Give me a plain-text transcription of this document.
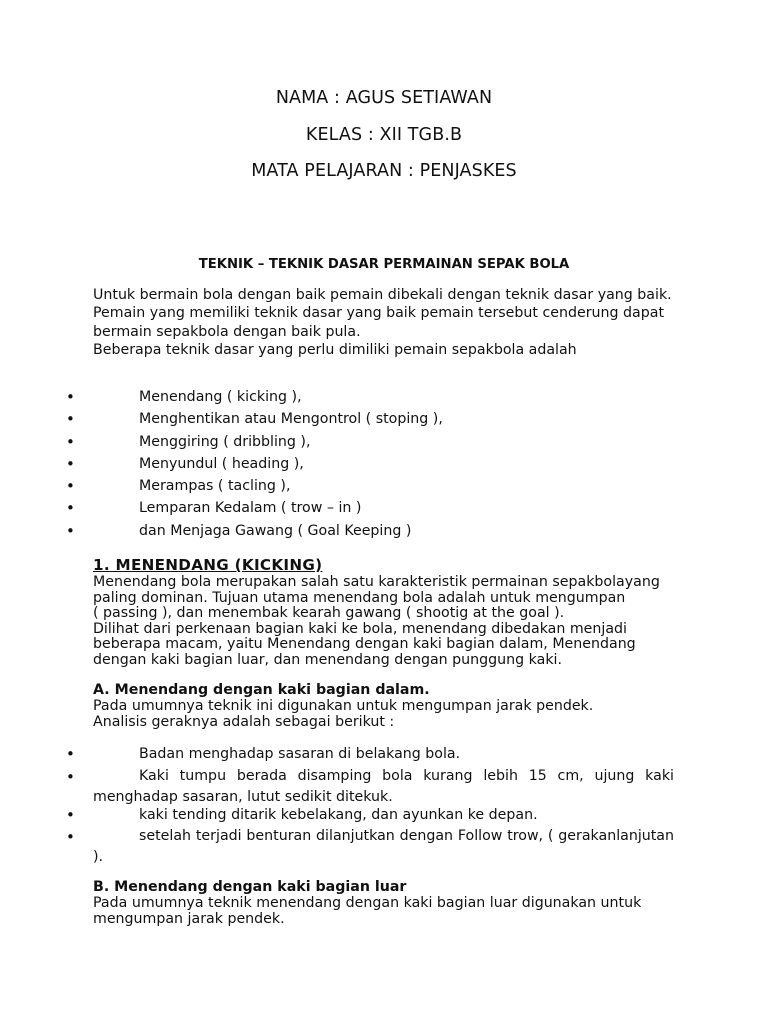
NAMA : AGUS SETIAWAN
KELAS : XII TGB.B
MATA PELAJARAN : PENJASKES
TEKNIK – TEKNIK DASAR PERMAINAN SEPAK BOLA
Untuk bermain bola dengan baik pemain dibekali dengan teknik dasar yang baik.
Pemain yang memiliki teknik dasar yang baik pemain tersebut cenderung dapat
bermain sepakbola dengan baik pula.
Beberapa teknik dasar yang perlu dimiliki pemain sepakbola adalah
•	Menendang ( kicking ),
•	Menghentikan atau Mengontrol ( stoping ),
•	Menggiring ( dribbling ),
•	Menyundul ( heading ),
•	Merampas ( tacling ),
•	Lemparan Kedalam ( trow – in )
•	dan Menjaga Gawang ( Goal Keeping )
1. MENENDANG (KICKING)
Menendang bola merupakan salah satu karakteristik permainan sepakbolayang
paling dominan. Tujuan utama menendang bola adalah untuk mengumpan
( passing ), dan menembak kearah gawang ( shootig at the goal ).
Dilihat dari perkenaan bagian kaki ke bola, menendang dibedakan menjadi
beberapa macam, yaitu Menendang dengan kaki bagian dalam, Menendang
dengan kaki bagian luar, dan menendang dengan punggung kaki.
A. Menendang dengan kaki bagian dalam.
Pada umumnya teknik ini digunakan untuk mengumpan jarak pendek.
Analisis geraknya adalah sebagai berikut :
•	Badan menghadap sasaran di belakang bola.

•	Kaki tumpu berada disamping bola kurang lebih 15 cm, ujung kaki menghadap sasaran, lutut sedikit ditekuk.

•	kaki tending ditarik kebelakang, dan ayunkan ke depan.

•	setelah terjadi benturan dilanjutkan dengan Follow trow, ( gerakanlanjutan ).

B. Menendang dengan kaki bagian luar
Pada umumnya teknik menendang dengan kaki bagian luar digunakan untuk
mengumpan jarak pendek.
